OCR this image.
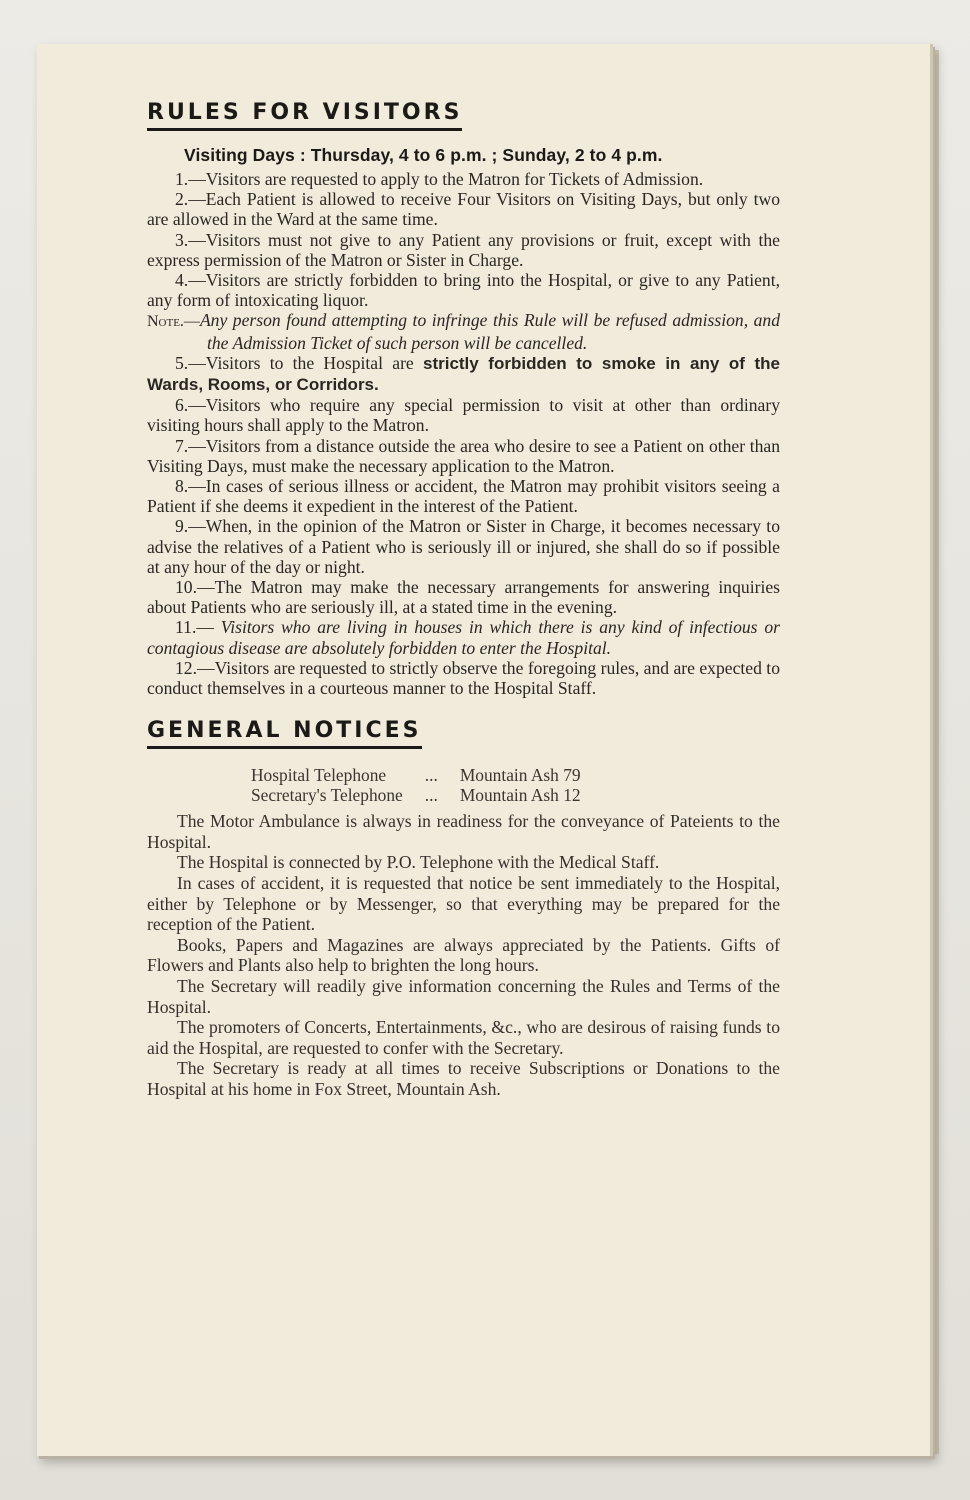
RULES FOR VISITORS
Visiting Days : Thursday, 4 to 6 p.m. ; Sunday, 2 to 4 p.m.

1.—Visitors are requested to apply to the Matron for Tickets of Admission.

2.—Each Patient is allowed to receive Four Visitors on Visiting Days, but only two are allowed in the Ward at the same time.

3.—Visitors must not give to any Patient any provisions or fruit, except with the express permission of the Matron or Sister in Charge.

4.—Visitors are strictly forbidden to bring into the Hospital, or give to any Patient, any form of intoxicating liquor.

Note.—Any person found attempting to infringe this Rule will be refused admission, and the Admission Ticket of such person will be cancelled.

5.—Visitors to the Hospital are strictly forbidden to smoke in any of the Wards, Rooms, or Corridors.

6.—Visitors who require any special permission to visit at other than ordinary visiting hours shall apply to the Matron.

7.—Visitors from a distance outside the area who desire to see a Patient on other than Visiting Days, must make the necessary application to the Matron.

8.—In cases of serious illness or accident, the Matron may prohibit visitors seeing a Patient if she deems it expedient in the interest of the Patient.

9.—When, in the opinion of the Matron or Sister in Charge, it becomes necessary to advise the relatives of a Patient who is seriously ill or injured, she shall do so if possible at any hour of the day or night.

10.—The Matron may make the necessary arrangements for answering inquiries about Patients who are seriously ill, at a stated time in the evening.

11.— Visitors who are living in houses in which there is any kind of infectious or contagious disease are absolutely forbidden to enter the Hospital.

12.—Visitors are requested to strictly observe the foregoing rules, and are expected to conduct themselves in a courteous manner to the Hospital Staff.

GENERAL NOTICES
Hospital Telephone	...	Mountain Ash 79
Secretary's Telephone	...	Mountain Ash 12

The Motor Ambulance is always in readiness for the conveyance of Pateients to the Hospital.

The Hospital is connected by P.O. Telephone with the Medical Staff.

In cases of accident, it is requested that notice be sent immediately to the Hospital, either by Telephone or by Messenger, so that everything may be prepared for the reception of the Patient.

Books, Papers and Magazines are always appreciated by the Patients. Gifts of Flowers and Plants also help to brighten the long hours.

The Secretary will readily give information concerning the Rules and Terms of the Hospital.

The promoters of Concerts, Entertainments, &c., who are desirous of raising funds to aid the Hospital, are requested to confer with the Secretary.

The Secretary is ready at all times to receive Subscriptions or Donations to the Hospital at his home in Fox Street, Mountain Ash.
